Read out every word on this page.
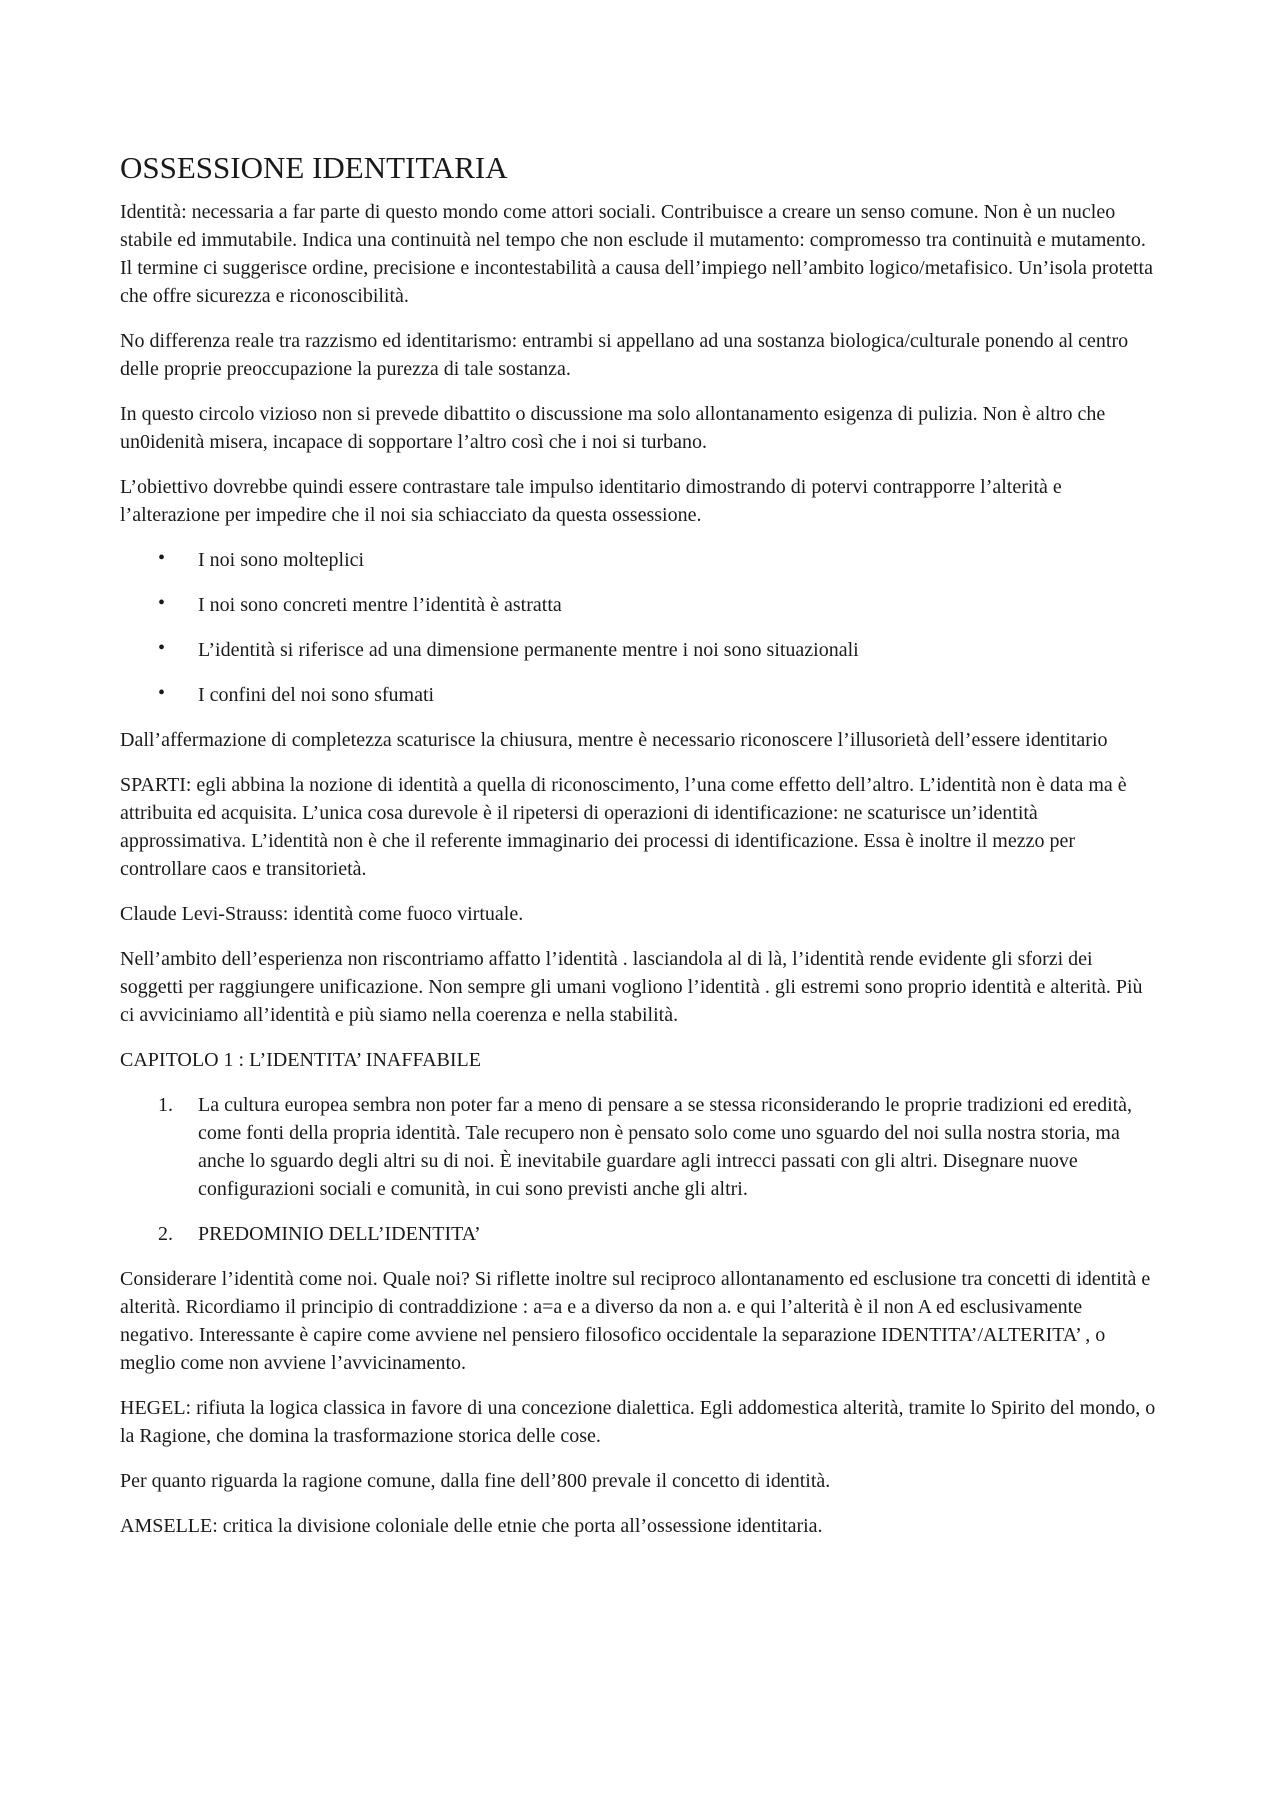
OSSESSIONE IDENTITARIA

Identità: necessaria a far parte di questo mondo come attori sociali. Contribuisce a creare un senso comune. Non è un nucleo stabile ed immutabile. Indica una continuità nel tempo che non esclude il mutamento: compromesso tra continuità e mutamento. Il termine ci suggerisce ordine, precisione e incontestabilità a causa dell’impiego nell’ambito logico/metafisico. Un’isola protetta che offre sicurezza e riconoscibilità.

No differenza reale tra razzismo ed identitarismo: entrambi si appellano ad una sostanza biologica/culturale ponendo al centro delle proprie preoccupazione la purezza di tale sostanza.

In questo circolo vizioso non si prevede dibattito o discussione ma solo allontanamento esigenza di pulizia. Non è altro che un0idenità misera, incapace di sopportare l’altro così che i noi si turbano.

L’obiettivo dovrebbe quindi essere contrastare tale impulso identitario dimostrando di potervi contrapporre l’alterità e l’alterazione per impedire che il noi sia schiacciato da questa ossessione.

• I noi sono molteplici
• I noi sono concreti mentre l’identità è astratta
• L’identità si riferisce ad una dimensione permanente mentre i noi sono situazionali
• I confini del noi sono sfumati

Dall’affermazione di completezza scaturisce la chiusura, mentre è necessario riconoscere l’illusorietà dell’essere identitario

SPARTI: egli abbina la nozione di identità a quella di riconoscimento, l’una come effetto dell’altro. L’identità non è data ma è attribuita ed acquisita. L’unica cosa durevole è il ripetersi di operazioni di identificazione: ne scaturisce un’identità approssimativa. L’identità non è che il referente immaginario dei processi di identificazione. Essa è inoltre il mezzo per controllare caos e transitorietà.

Claude Levi-Strauss: identità come fuoco virtuale.

Nell’ambito dell’esperienza non riscontriamo affatto l’identità . lasciandola al di là, l’identità rende evidente gli sforzi dei soggetti per raggiungere unificazione. Non sempre gli umani vogliono l’identità . gli estremi sono proprio identità e alterità. Più ci avviciniamo all’identità e più siamo nella coerenza e nella stabilità.

CAPITOLO 1 : L’IDENTITA’ INAFFABILE

1. La cultura europea sembra non poter far a meno di pensare a se stessa riconsiderando le proprie tradizioni ed eredità, come fonti della propria identità. Tale recupero non è pensato solo come uno sguardo del noi sulla nostra storia, ma anche lo sguardo degli altri su di noi. È inevitabile guardare agli intrecci passati con gli altri. Disegnare nuove configurazioni sociali e comunità, in cui sono previsti anche gli altri.
2. PREDOMINIO DELL’IDENTITA’

Considerare l’identità come noi. Quale noi? Si riflette inoltre sul reciproco allontanamento ed esclusione tra concetti di identità e alterità. Ricordiamo il principio di contraddizione : a=a e a diverso da non a. e qui l’alterità è il non A ed esclusivamente negativo. Interessante è capire come avviene nel pensiero filosofico occidentale la separazione IDENTITA’/ALTERITA’ , o meglio come non avviene l’avvicinamento.

HEGEL: rifiuta la logica classica in favore di una concezione dialettica. Egli addomestica alterità, tramite lo Spirito del mondo, o la Ragione, che domina la trasformazione storica delle cose.

Per quanto riguarda la ragione comune, dalla fine dell’800 prevale il concetto di identità.

AMSELLE: critica la divisione coloniale delle etnie che porta all’ossessione identitaria.
